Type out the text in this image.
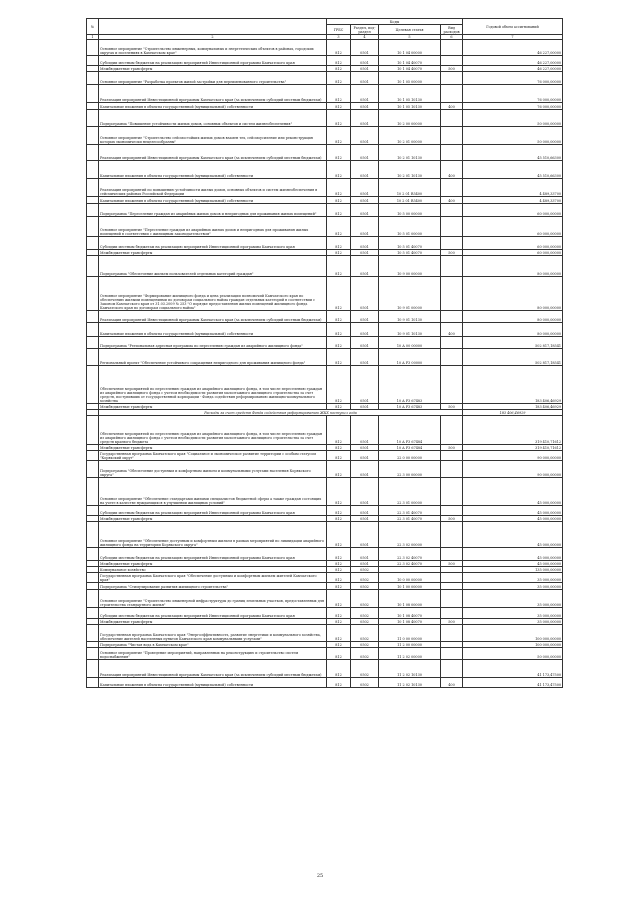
№		Коды				Годовой объем ассигнований
		ГРБС	Раздел, под-раздел	Целевая статья	Вид расходов	
1	2	3	4	5	6	7
	Основное мероприятие "Строительство инженерных, коммунальных и энергетических объектов в районах, городских округах и поселениях в Камчатском крае"	812	0501	10 1 04 00000		46 227,00000
	Субсидии местным бюджетам на реализацию мероприятий Инвестиционной программы Камчатского края	812	0501	10 1 04 40070		46 227,00000
	Межбюджетные трансферты	812	0501	10 1 04 40070	500	46 227,00000
	Основное мероприятие "Разработка проектов жилой застройки для переименованного строительства"	812	0501	10 1 05 00000		76 000,00000
	Реализация мероприятий Инвестиционной программы Камчатского края (за исключением субсидий местным бюджетам)	812	0501	10 1 05 10130		76 000,00000
	Капитальные вложения в объекты государственной (муниципальной) собственности	812	0501	10 1 05 10130	400	76 000,00000
	Подпрограмма "Повышение устойчивости жилых домов, основных объектов и систем жизнеобеспечения"	812	0501	10 2 00 00000		50 000,00000
	Основное мероприятие "Строительство сейсмостойких жилых домов взамен тех, сейсмоусиление или реконструкция которых экономически нецелесообразны"	812	0501	10 2 01 00000		50 000,00000
	Реализация мероприятий Инвестиционной программы Камчатского края (за исключением субсидий местным бюджетам)	812	0501	10 2 01 10130		45 510,66300
	Капитальные вложения в объекты государственной (муниципальной) собственности	812	0501	10 2 01 10130	400	45 510,66300
	Реализация мероприятий по повышению устойчивости жилых домов, основных объектов и систем жизнеобеспечения в сейсмических районах Российской Федерации	812	0501	10 2 01 R5400		4 489,33700
	Капитальные вложения в объекты государственной (муниципальной) собственности	812	0501	10 2 01 R5400	400	4 489,33700
	Подпрограмма "Переселение граждан из аварийных жилых домов и непригодных для проживания жилых помещений"	812	0501	10 5 00 00000		60 000,00000
	Основное мероприятие "Переселение граждан из аварийных жилых домов и непригодных для проживания жилых помещений в соответствии с жилищным законодательством"	812	0501	10 5 01 00000		60 000,00000
	Субсидии местным бюджетам на реализацию мероприятий Инвестиционной программы Камчатского края	812	0501	10 5 01 40070		60 000,00000
	Межбюджетные трансферты	812	0501	10 5 01 40070	500	60 000,00000
	Подпрограмма "Обеспечение жильем пользователей отдельных категорий граждан"	812	0501	10 9 00 00000		80 000,00000
	Основное мероприятие "Формирование жилищного фонда и цена реализации полномочий Камчатского края по обеспечению жилыми помещениями по договорам социального найма граждан отдельных категорий в соответствии с Законом Камчатского края от 31.03.2009 № 253 "О порядке предоставления жилых помещений жилищного фонда Камчатского края по договорам социального найма"	812	0501	10 9 01 00000		80 000,00000
	Реализация мероприятий Инвестиционной программы Камчатского края (за исключением субсидий местным бюджетам)	812	0501	10 9 01 10130		80 000,00000
	Капитальные вложения в объекты государственной (муниципальной) собственности	812	0501	10 9 01 10130	400	80 000,00000
	Подпрограмма "Региональная адресная программа по переселению граждан из аварийного жилищного фонда"	812	0501	10 А 00 00000		502 817,18541
	Региональный проект "Обеспечение устойчивого сокращения непригодного для проживания жилищного фонда"	812	0501	10 А F3 00000		502 817,18541
	Обеспечение мероприятий по переселению граждан из аварийного жилищного фонда, в том числе переселению граждан из аварийного жилищного фонда с учетом необходимости развития малоэтажного жилищного строительства за счет средств, поступивших от государственной корпорации - Фонда содействия реформированию жилищно-коммунального хозяйства	812	0501	10 А F3 67483		183 406,46929
	Межбюджетные трансферты	812	0501	10 А F3 67483	500	183 406,46929
	Расходы за счет средств Фонда содействия реформированию ЖКХ поступил года					183 406,46929
	Обеспечение мероприятий по переселению граждан из аварийного жилищного фонда, в том числе переселению граждан из аварийного жилищного фонда с учетом необходимости развития малоэтажного жилищного строительства за счет средств краевого бюджета	812	0501	10 А F3 67484		319 410,71612
	Межбюджетные трансферты	812	0501	10 А F3 67484	500	319 410,71612
	Государственная программа Камчатского края "Социальное и экономическое развитие территории с особым статусом "Корякский округ"	812	0501	22 0 00 00000		90 000,00000
	Подпрограмма "Обеспечение доступным и комфортным жильем и коммунальными услугами населения Корякского округа"	812	0501	22 3 00 00000		90 000,00000
	Основное мероприятие "Обеспечение стандартами жилыми специалистов бюджетной сферы а также граждан состоящих на учете в качестве нуждающихся в улучшении жилищных условий"	812	0501	22 3 01 00000		45 000,00000
	Субсидии местным бюджетам на реализацию мероприятий Инвестиционной программы Камчатского края	812	0501	22 3 01 40070		45 000,00000
	Межбюджетные трансферты	812	0501	22 3 01 40070	500	45 000,00000
	Основное мероприятие "Обеспечение доступным и комфортным жильем в рамках мероприятий по ликвидации аварийного жилищного фонда на территории Корякского округа"	812	0501	22 3 02 00000		45 000,00000
	Субсидии местным бюджетам на реализацию мероприятий Инвестиционной программы Камчатского края	812	0501	22 3 02 40070		45 000,00000
	Межбюджетные трансферты	812	0501	22 3 02 40070	500	45 000,00000
	Коммунальное хозяйство	812	0502			135 000,00000
	Государственная программа Камчатского края "Обеспечение доступным и комфортным жильем жителей Камчатского края"	812	0502	10 0 00 00000		35 000,00000
	Подпрограмма "Стимулирование развития жилищного строительства"	812	0502	10 1 00 00000		35 000,00000
	Основное мероприятие "Строительство инженерной инфраструктуры до границ земельных участков, предоставленных для строительства стандартного жилья"	812	0502	10 1 08 00000		35 000,00000
	Субсидии местным бюджетам на реализацию мероприятий Инвестиционной программы Камчатского края	812	0502	10 1 08 40070		35 000,00000
	Межбюджетные трансферты	812	0502	10 1 08 40070	500	35 000,00000
	Государственная программа Камчатского края "Энергоэффективность, развитие энергетики и коммунального хозяйства, обеспечение жителей населенных пунктов Камчатского края коммунальными услугами"	812	0502	11 0 00 00000		100 000,00000
	Подпрограмма "Чистая вода в Камчатском крае"	812	0502	11 2 00 00000		100 000,00000
	Основное мероприятие "Проведение мероприятий, направленных на реконструкцию и строительство систем водоснабжения"	812	0502	11 2 02 00000		50 000,00000
	Реализация мероприятий Инвестиционной программы Камчатского края (за исключением субсидий местным бюджетам)	812	0502	11 2 02 10130		41 173,47500
	Капитальные вложения в объекты государственной (муниципальной) собственности	812	0502	11 2 02 10130	400	41 173,47500
25
